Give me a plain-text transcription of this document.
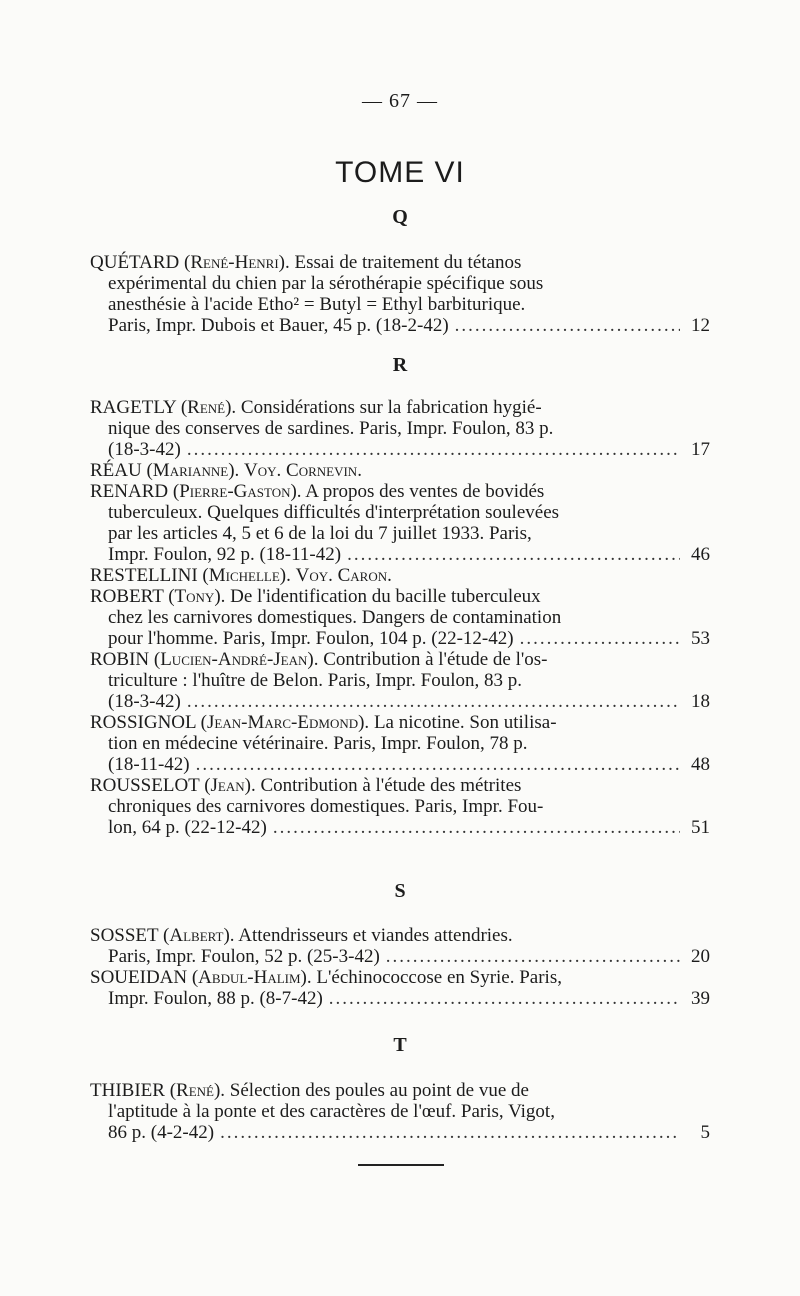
— 67 —
TOME VI
Q
QUÉTARD (René-Henri). Essai de traitement du tétanos
expérimental du chien par la sérothérapie spécifique sous
anesthésie à l'acide Etho² = Butyl = Ethyl barbiturique.
Paris, Impr. Dubois et Bauer, 45 p. (18-2-42) .....	12
R
RAGETLY (René). Considérations sur la fabrication hygié-
nique des conserves de sardines. Paris, Impr. Foulon, 83 p.
(18-3-42) .....	17
RÉAU (Marianne). Voy. Cornevin.
RENARD (Pierre-Gaston). A propos des ventes de bovidés
tuberculeux. Quelques difficultés d'interprétation soulevées
par les articles 4, 5 et 6 de la loi du 7 juillet 1933. Paris,
Impr. Foulon, 92 p. (18-11-42) .....	46
RESTELLINI (Michelle). Voy. Caron.
ROBERT (Tony). De l'identification du bacille tuberculeux
chez les carnivores domestiques. Dangers de contamination
pour l'homme. Paris, Impr. Foulon, 104 p. (22-12-42) .....	53
ROBIN (Lucien-André-Jean). Contribution à l'étude de l'os-
triculture : l'huître de Belon. Paris, Impr. Foulon, 83 p.
(18-3-42) .....	18
ROSSIGNOL (Jean-Marc-Edmond). La nicotine. Son utilisa-
tion en médecine vétérinaire. Paris, Impr. Foulon, 78 p.
(18-11-42) .....	48
ROUSSELOT (Jean). Contribution à l'étude des métrites
chroniques des carnivores domestiques. Paris, Impr. Fou-
lon, 64 p. (22-12-42) .....	51
S
SOSSET (Albert). Attendrisseurs et viandes attendries.
Paris, Impr. Foulon, 52 p. (25-3-42) .....	20
SOUEIDAN (Abdul-Halim). L'échinococcose en Syrie. Paris,
Impr. Foulon, 88 p. (8-7-42) .....	39
T
THIBIER (René). Sélection des poules au point de vue de
l'aptitude à la ponte et des caractères de l'œuf. Paris, Vigot,
86 p. (4-2-42) .....	5
